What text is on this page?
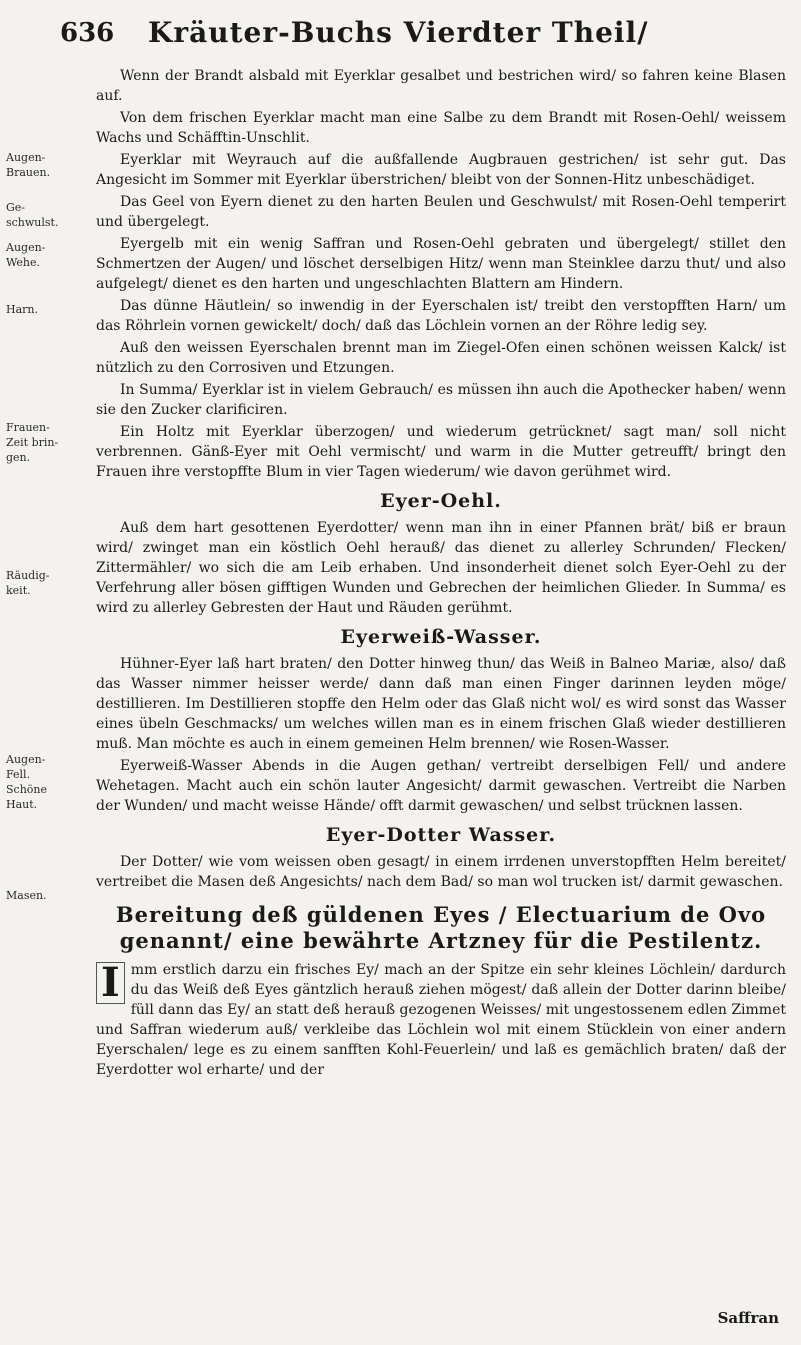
636 Kräuter-Buchs Vierdter Theil/
Augen-
Brauen.
Ge-
schwulst.
Augen-
Wehe.
Harn.
Frauen-
Zeit brin-
gen.
Räudig-
keit.
Augen-
Fell.
Schöne
Haut.
Masen.

Wenn der Brandt alsbald mit Eyerklar gesalbet und bestrichen wird/ so fahren keine Blasen auf.

Von dem frischen Eyerklar macht man eine Salbe zu dem Brandt mit Rosen-Oehl/ weissem Wachs und Schäfftin-Unschlit.

Eyerklar mit Weyrauch auf die außfallende Augbrauen gestrichen/ ist sehr gut. Das Angesicht im Sommer mit Eyerklar überstrichen/ bleibt von der Sonnen-Hitz unbeschädiget.

Das Geel von Eyern dienet zu den harten Beulen und Geschwulst/ mit Rosen-Oehl temperirt und übergelegt.

Eyergelb mit ein wenig Saffran und Rosen-Oehl gebraten und übergelegt/ stillet den Schmertzen der Augen/ und löschet derselbigen Hitz/ wenn man Steinklee darzu thut/ und also aufgelegt/ dienet es den harten und ungeschlachten Blattern am Hindern.

Das dünne Häutlein/ so inwendig in der Eyerschalen ist/ treibt den verstopfften Harn/ um das Röhrlein vornen gewickelt/ doch/ daß das Löchlein vornen an der Röhre ledig sey.

Auß den weissen Eyerschalen brennt man im Ziegel-Ofen einen schönen weissen Kalck/ ist nützlich zu den Corrosiven und Etzungen.

In Summa/ Eyerklar ist in vielem Gebrauch/ es müssen ihn auch die Apothecker haben/ wenn sie den Zucker clarificiren.

Ein Holtz mit Eyerklar überzogen/ und wiederum getrücknet/ sagt man/ soll nicht verbrennen. Gänß-Eyer mit Oehl vermischt/ und warm in die Mutter getreufft/ bringt den Frauen ihre verstopffte Blum in vier Tagen wiederum/ wie davon gerühmet wird.

Eyer-Oehl.

Auß dem hart gesottenen Eyerdotter/ wenn man ihn in einer Pfannen brät/ biß er braun wird/ zwinget man ein köstlich Oehl herauß/ das dienet zu allerley Schrunden/ Flecken/ Zittermähler/ wo sich die am Leib erhaben. Und insonderheit dienet solch Eyer-Oehl zu der Verfehrung aller bösen gifftigen Wunden und Gebrechen der heimlichen Glieder. In Summa/ es wird zu allerley Gebresten der Haut und Räuden gerühmt.

Eyerweiß-Wasser.

Hühner-Eyer laß hart braten/ den Dotter hinweg thun/ das Weiß in Balneo Mariæ, also/ daß das Wasser nimmer heisser werde/ dann daß man einen Finger darinnen leyden möge/ destillieren. Im Destillieren stopffe den Helm oder das Glaß nicht wol/ es wird sonst das Wasser eines übeln Geschmacks/ um welches willen man es in einem frischen Glaß wieder destillieren muß. Man möchte es auch in einem gemeinen Helm brennen/ wie Rosen-Wasser.

Eyerweiß-Wasser Abends in die Augen gethan/ vertreibt derselbigen Fell/ und andere Wehetagen. Macht auch ein schön lauter Angesicht/ darmit gewaschen. Vertreibt die Narben der Wunden/ und macht weisse Hände/ offt darmit gewaschen/ und selbst trücknen lassen.

Eyer-Dotter Wasser.

Der Dotter/ wie vom weissen oben gesagt/ in einem irrdenen unverstopfften Helm bereitet/ vertreibet die Masen deß Angesichts/ nach dem Bad/ so man wol trucken ist/ darmit gewaschen.

Bereitung deß güldenen Eyes / Electuarium de Ovo genannt/ eine bewährte Artzney für die Pestilentz.

I mm erstlich darzu ein frisches Ey/ mach an der Spitze ein sehr kleines Löchlein/ dardurch du das Weiß deß Eyes gäntzlich herauß ziehen mögest/ daß allein der Dotter darinn bleibe/ füll dann das Ey/ an statt deß herauß gezogenen Weisses/ mit ungestossenem edlen Zimmet und Saffran wiederum auß/ verkleibe das Löchlein wol mit einem Stücklein von einer andern Eyerschalen/ lege es zu einem sanfften Kohl-Feuerlein/ und laß es gemächlich braten/ daß der Eyerdotter wol erharte/ und der

Saffran
